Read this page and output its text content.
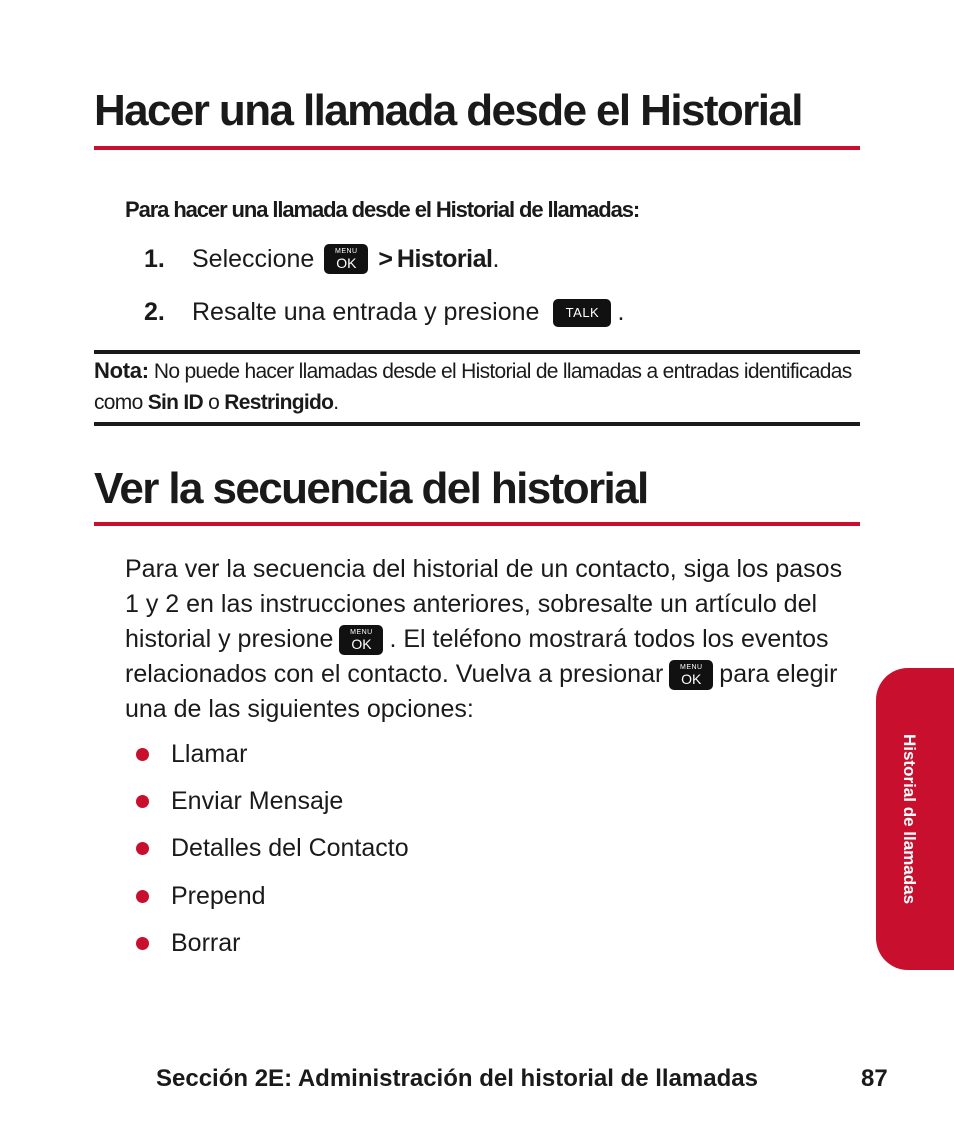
Hacer una llamada desde el Historial
Para hacer una llamada desde el Historial de llamadas:
1.	Seleccione	MENU
OK > Historial .
2.	Resalte una entrada y presione	TALK .
Nota: No puede hacer llamadas desde el Historial de llamadas a entradas identificadas como Sin ID o Restringido.
Ver la secuencia del historial
Para ver la secuencia del historial de un contacto, siga los pasos 1 y 2 en las instrucciones anteriores, sobresalte un artículo del historial y presione MENU
OK . El teléfono mostrará todos los eventos relacionados con el contacto. Vuelva a presionar MENU
OK para elegir una de las siguientes opciones:
Llamar
Enviar Mensaje
Detalles del Contacto
Prepend
Borrar
Historial de llamadas
Sección 2E: Administración del historial de llamadas	87
